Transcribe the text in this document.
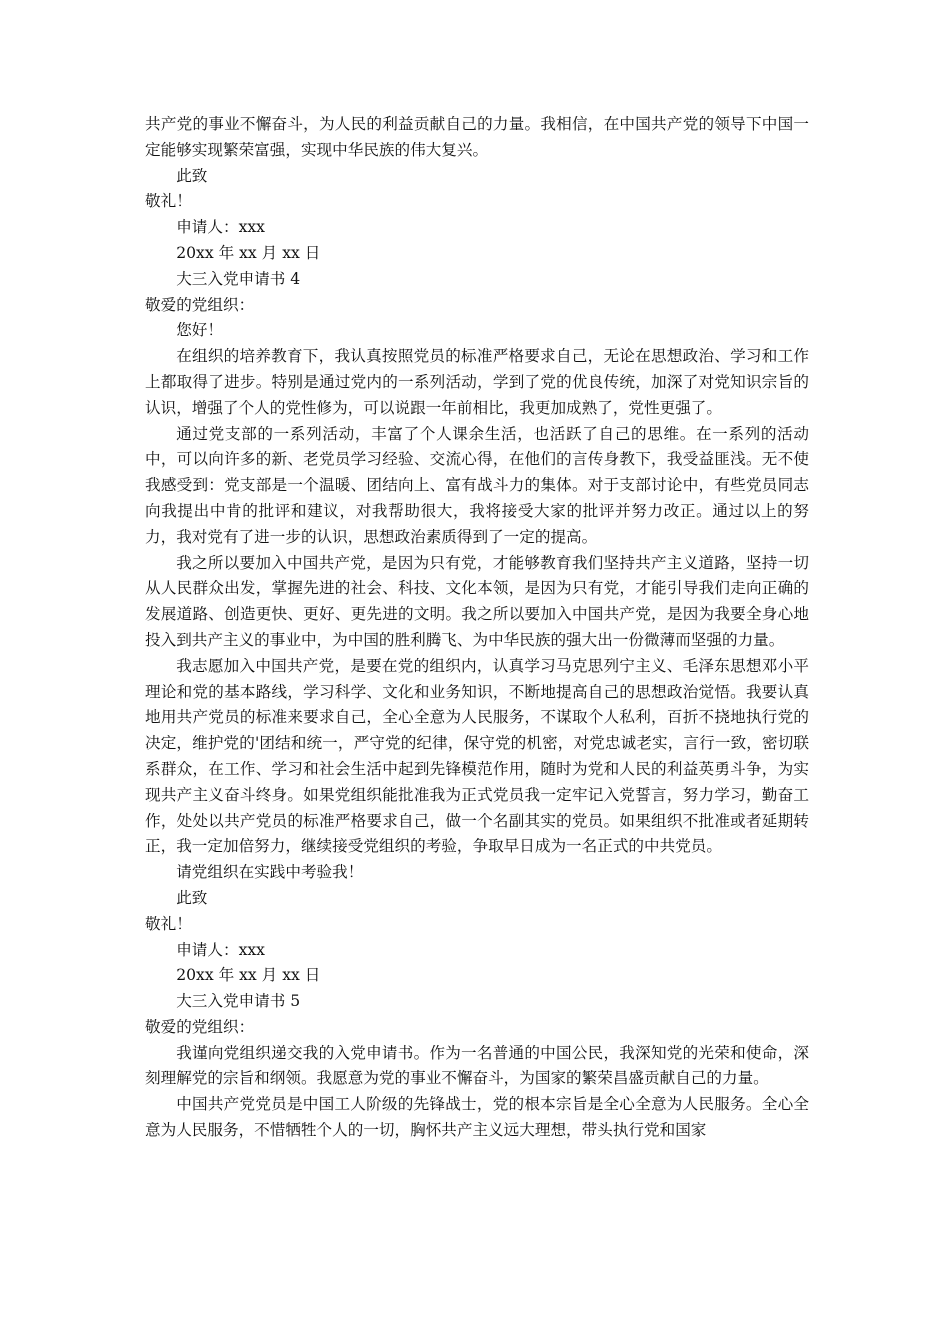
共产党的事业不懈奋斗，为人民的利益贡献自己的力量。我相信，在中国共产党的领导下中国一定能够实现繁荣富强，实现中华民族的伟大复兴。

此致

敬礼！

申请人：xxx

20xx 年 xx 月 xx 日

大三入党申请书 4

敬爱的党组织：

您好！

在组织的培养教育下，我认真按照党员的标准严格要求自己，无论在思想政治、学习和工作上都取得了进步。特别是通过党内的一系列活动，学到了党的优良传统，加深了对党知识宗旨的认识，增强了个人的党性修为，可以说跟一年前相比，我更加成熟了，党性更强了。

通过党支部的一系列活动，丰富了个人课余生活，也活跃了自己的思维。在一系列的活动中，可以向许多的新、老党员学习经验、交流心得，在他们的言传身教下，我受益匪浅。无不使我感受到：党支部是一个温暖、团结向上、富有战斗力的集体。对于支部讨论中，有些党员同志向我提出中肯的批评和建议，对我帮助很大，我将接受大家的批评并努力改正。通过以上的努力，我对党有了进一步的认识，思想政治素质得到了一定的提高。

我之所以要加入中国共产党，是因为只有党，才能够教育我们坚持共产主义道路，坚持一切从人民群众出发，掌握先进的社会、科技、文化本领，是因为只有党，才能引导我们走向正确的发展道路、创造更快、更好、更先进的文明。我之所以要加入中国共产党，是因为我要全身心地投入到共产主义的事业中，为中国的胜利腾飞、为中华民族的强大出一份微薄而坚强的力量。

我志愿加入中国共产党，是要在党的组织内，认真学习马克思列宁主义、毛泽东思想邓小平理论和党的基本路线，学习科学、文化和业务知识，不断地提高自己的思想政治觉悟。我要认真地用共产党员的标准来要求自己，全心全意为人民服务，不谋取个人私利，百折不挠地执行党的决定，维护党的'团结和统一，严守党的纪律，保守党的机密，对党忠诚老实，言行一致，密切联系群众，在工作、学习和社会生活中起到先锋模范作用，随时为党和人民的利益英勇斗争，为实现共产主义奋斗终身。如果党组织能批准我为正式党员我一定牢记入党誓言，努力学习，勤奋工作，处处以共产党员的标准严格要求自己，做一个名副其实的党员。如果组织不批准或者延期转正，我一定加倍努力，继续接受党组织的考验，争取早日成为一名正式的中共党员。

请党组织在实践中考验我！

此致

敬礼！

申请人：xxx

20xx 年 xx 月 xx 日

大三入党申请书 5

敬爱的党组织：

我谨向党组织递交我的入党申请书。作为一名普通的中国公民，我深知党的光荣和使命，深刻理解党的宗旨和纲领。我愿意为党的事业不懈奋斗，为国家的繁荣昌盛贡献自己的力量。

中国共产党党员是中国工人阶级的先锋战士，党的根本宗旨是全心全意为人民服务。全心全意为人民服务，不惜牺牲个人的一切，胸怀共产主义远大理想，带头执行党和国家
